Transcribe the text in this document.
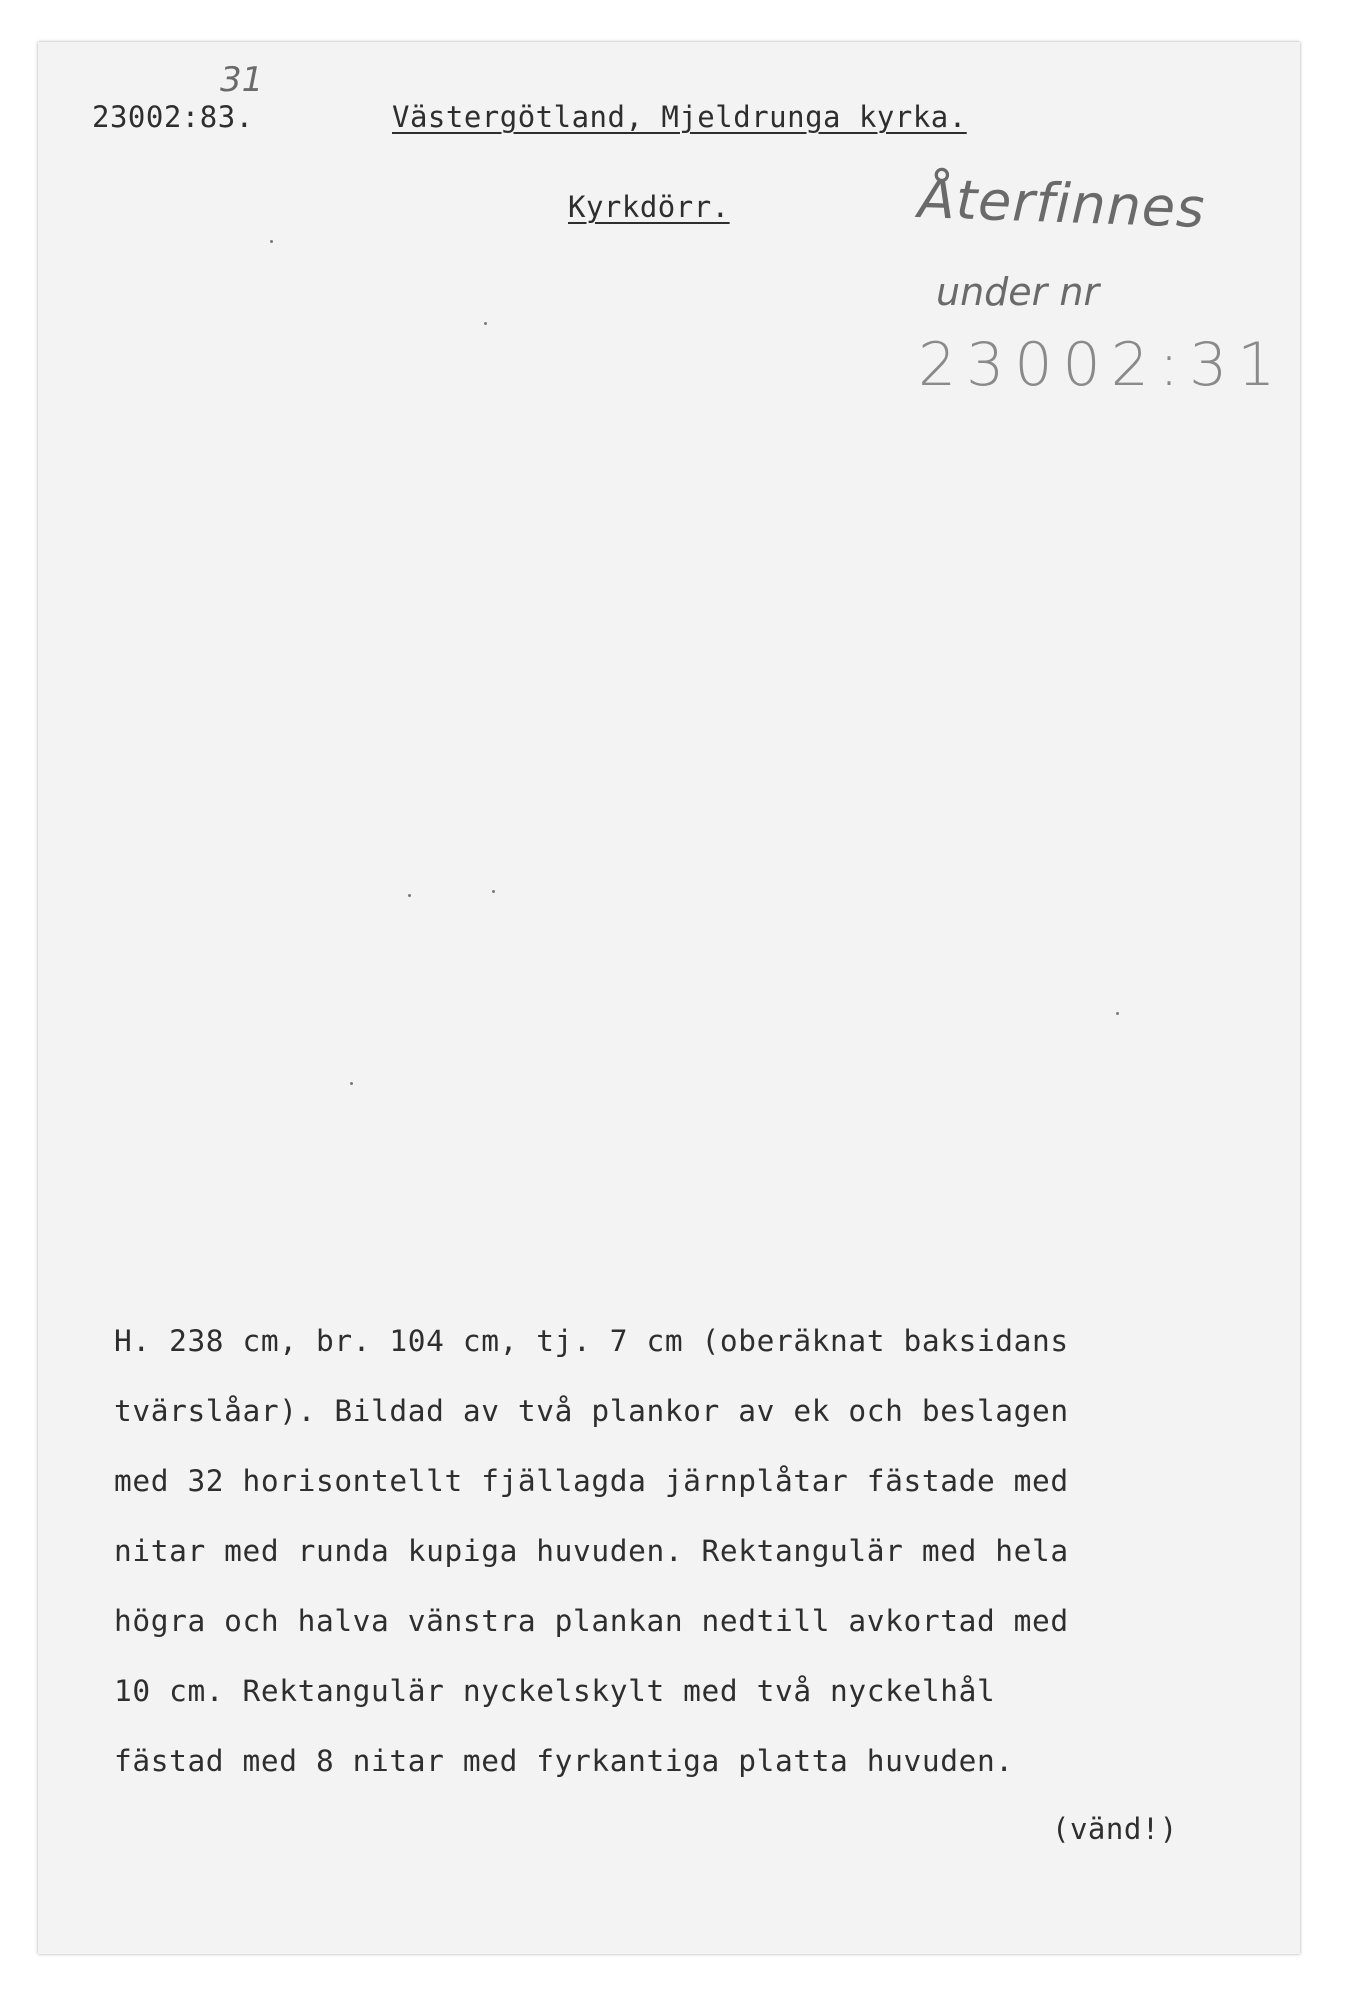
31
23002:83.	Västergötland, Mjeldrunga kyrka.
Kyrkdörr.	Återfinnes
under nr
23002:31
H. 238 cm, br. 104 cm, tj. 7 cm (oberäknat baksidans
tvärslåar). Bildad av två plankor av ek och beslagen
med 32 horisontellt fjällagda järnplåtar fästade med
nitar med runda kupiga huvuden. Rektangulär med hela
högra och halva vänstra plankan nedtill avkortad med
10 cm. Rektangulär nyckelskylt med två nyckelhål
fästad med 8 nitar med fyrkantiga platta huvuden.
(vänd!)
